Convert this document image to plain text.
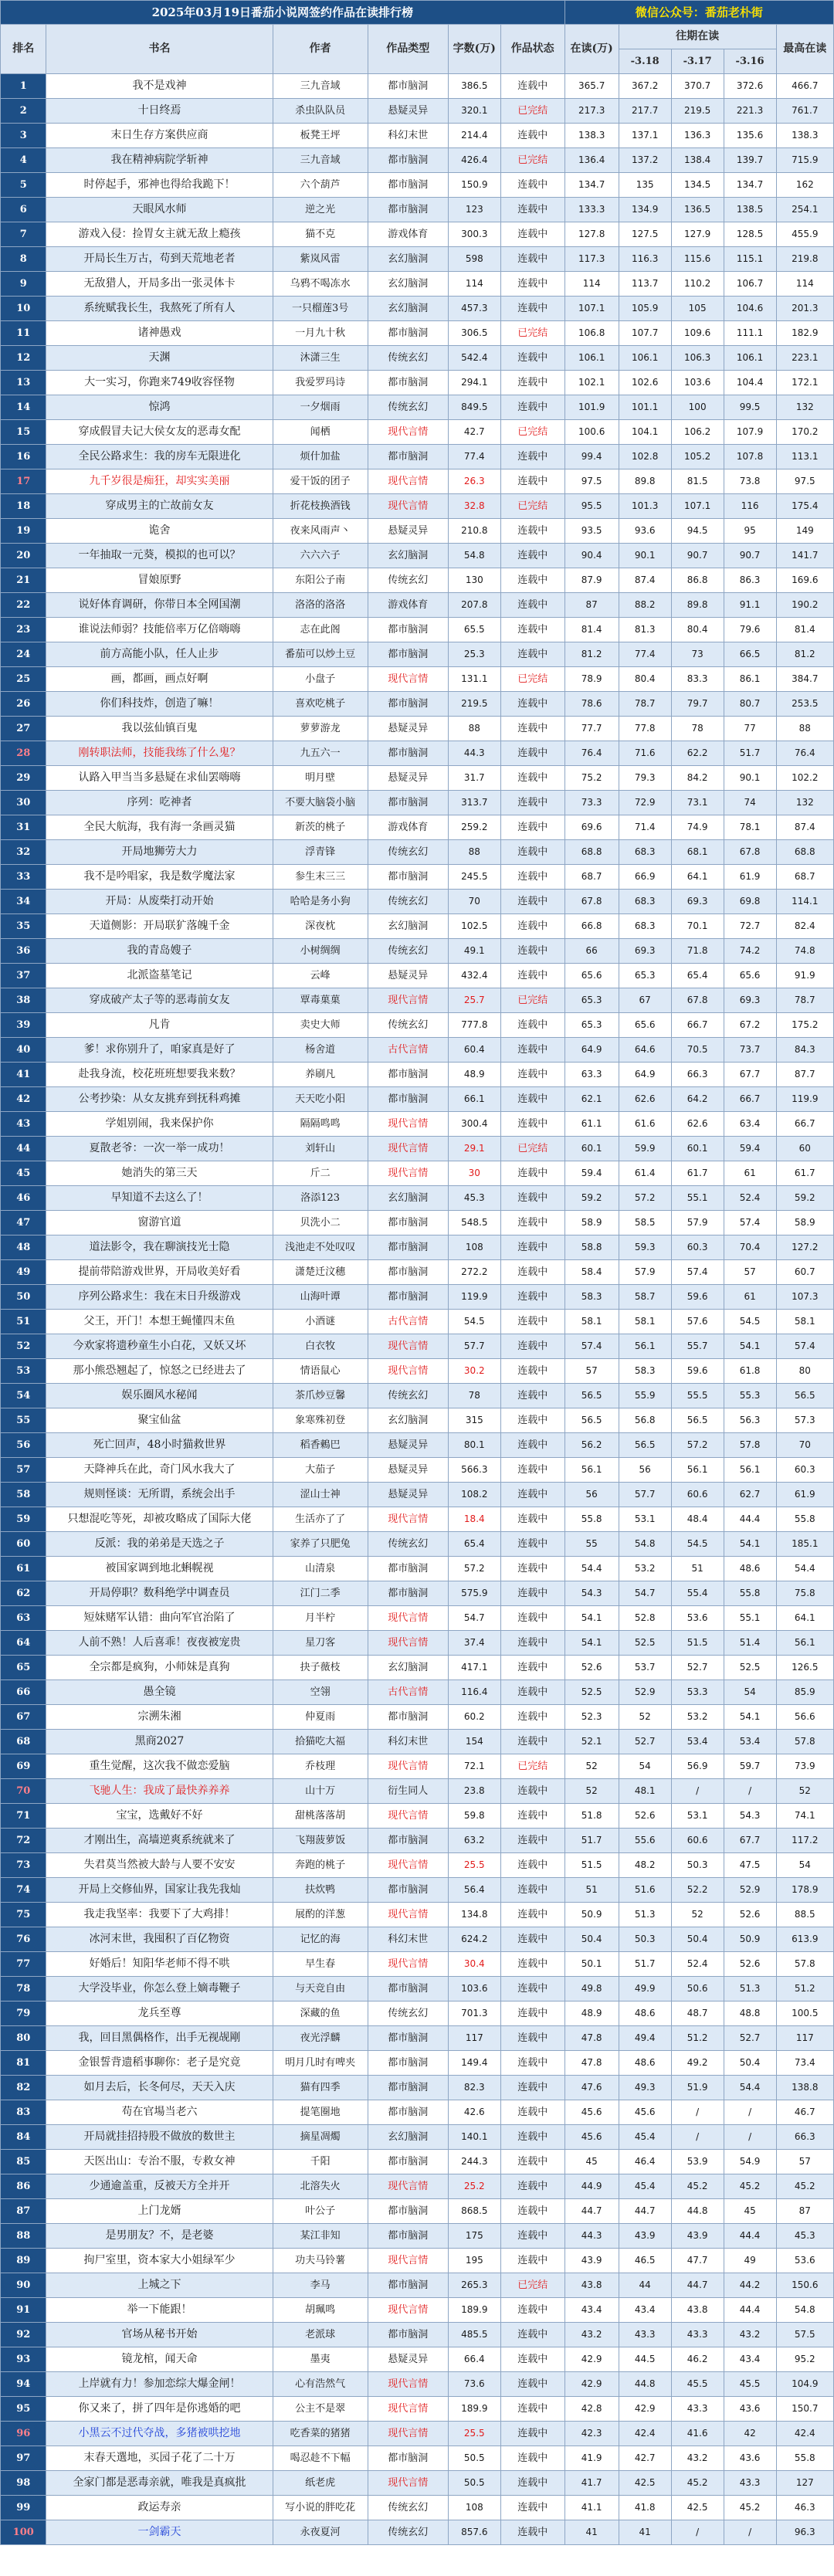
2025年03月19日番茄小说网签约作品在读排行榜						微信公众号：番茄老朴街				
排名	书名	作者	作品类型	字数(万)	作品状态	在读(万)	往期在读			最高在读
							-3.18	-3.17	-3.16	
1	我不是戏神	三九音域	都市脑洞	386.5	连载中	365.7	367.2	370.7	372.6	466.7
2	十日终焉	杀虫队队员	悬疑灵异	320.1	已完结	217.3	217.7	219.5	221.3	761.7
3	末日生存方案供应商	板凳王坪	科幻末世	214.4	连载中	138.3	137.1	136.3	135.6	138.3
4	我在精神病院学斩神	三九音域	都市脑洞	426.4	已完结	136.4	137.2	138.4	139.7	715.9
5	时停起手，邪神也得给我跪下！	六个葫芦	都市脑洞	150.9	连载中	134.7	135	134.5	134.7	162
6	天眼风水师	逆之光	都市脑洞	123	连载中	133.3	134.9	136.5	138.5	254.1
7	游戏入侵：捡胃女主就无敌上瘾孩	猫不克	游戏体育	300.3	连载中	127.8	127.5	127.9	128.5	455.9
8	开局长生万古，苟到天荒地老者	紫岚风雷	玄幻脑洞	598	连载中	117.3	116.3	115.6	115.1	219.8
9	无敌猎人，开局多出一张灵体卡	乌鸦不喝冻水	玄幻脑洞	114	连载中	114	113.7	110.2	106.7	114
10	系统赋我长生，我熬死了所有人	一只榴莲3号	玄幻脑洞	457.3	连载中	107.1	105.9	105	104.6	201.3
11	诸神愚戏	一月九十秋	都市脑洞	306.5	已完结	106.8	107.7	109.6	111.1	182.9
12	天渊	沐潇三生	传统玄幻	542.4	连载中	106.1	106.1	106.3	106.1	223.1
13	大一实习，你跑来749收容怪物	我爱罗玛诗	都市脑洞	294.1	连载中	102.1	102.6	103.6	104.4	172.1
14	惊鸿	一夕烟雨	传统玄幻	849.5	连载中	101.9	101.1	100	99.5	132
15	穿成假冒夫记大侯女友的恶毒女配	闻栖	现代言情	42.7	已完结	100.6	104.1	106.2	107.9	170.2
16	全民公路求生：我的房车无限进化	烦什加盐	都市脑洞	77.4	连载中	99.4	102.8	105.2	107.8	113.1
17	九千岁很是痴狂，却实实美丽	爱干饭的团子	现代言情	26.3	连载中	97.5	89.8	81.5	73.8	97.5
18	穿成男主的亡故前女友	折花枝换酒钱	现代言情	32.8	已完结	95.5	101.3	107.1	116	175.4
19	诡舍	夜来风雨声丶	悬疑灵异	210.8	连载中	93.5	93.6	94.5	95	149
20	一年抽取一元葵，模拟的也可以？	六六六子	玄幻脑洞	54.8	连载中	90.4	90.1	90.7	90.7	141.7
21	冒娘原野	东阳公子南	传统玄幻	130	连载中	87.9	87.4	86.8	86.3	169.6
22	说好体育调研，你带日本全网国潮	洛洛的洛洛	游戏体育	207.8	连载中	87	88.2	89.8	91.1	190.2
23	谁说法师弱？技能倍率万亿倍嗨嗨	志在此阁	都市脑洞	65.5	连载中	81.4	81.3	80.4	79.6	81.4
24	前方高能小队，任人止步	番茄可以炒土豆	都市脑洞	25.3	连载中	81.2	77.4	73	66.5	81.2
25	画，都画，画点好啊	小盘子	现代言情	131.1	已完结	78.9	80.4	83.3	86.1	384.7
26	你们科技炸，创造了嘛！	喜欢吃桃子	都市脑洞	219.5	连载中	78.6	78.7	79.7	80.7	253.5
27	我以弦仙镇百鬼	萝萝游龙	悬疑灵异	88	连载中	77.7	77.8	78	77	88
28	刚转职法师，技能我练了什么鬼？	九五六一	都市脑洞	44.3	连载中	76.4	71.6	62.2	51.7	76.4
29	认路入甲当当多悬疑在求仙罢嗨嗨	明月壁	悬疑灵异	31.7	连载中	75.2	79.3	84.2	90.1	102.2
30	序列：吃神者	不要大脑袋小脑	都市脑洞	313.7	连载中	73.3	72.9	73.1	74	132
31	全民大航海，我有海一条画灵猫	新茨的桃子	游戏体育	259.2	连载中	69.6	71.4	74.9	78.1	87.4
32	开局地狮劳大力	浮青锋	传统玄幻	88	连载中	68.8	68.3	68.1	67.8	68.8
33	我不是吟唱家，我是数学魔法家	参生末三三	都市脑洞	245.5	连载中	68.7	66.9	64.1	61.9	68.7
34	开局：从废柴打动开始	哈哈是务小狗	传统玄幻	70	连载中	67.8	68.3	69.3	69.8	114.1
35	天道侧影：开局联犷落魄千金	深夜枕	玄幻脑洞	102.5	连载中	66.8	68.3	70.1	72.7	82.4
36	我的青岛嫂子	小树绸绸	传统玄幻	49.1	连载中	66	69.3	71.8	74.2	74.8
37	北派盗墓笔记	云峰	悬疑灵异	432.4	连载中	65.6	65.3	65.4	65.6	91.9
38	穿成破产太子等的恶毒前女友	覃毒菓菓	现代言情	25.7	已完结	65.3	67	67.8	69.3	78.7
39	凡肯	卖史大师	传统玄幻	777.8	连载中	65.3	65.6	66.7	67.2	175.2
40	爹！求你别升了，咱家真是好了	杨舍道	古代言情	60.4	连载中	64.9	64.6	70.5	73.7	84.3
41	赴我身流，校花班班想要我来数？	养刷凡	都市脑洞	48.9	连载中	63.3	64.9	66.3	67.7	87.7
42	公考抄染：从女友挑弃到抚科鸡摊	天天吃小阳	都市脑洞	66.1	连载中	62.1	62.6	64.2	66.7	119.9
43	学姐别闹，我来保护你	隔隔鸣鸣	现代言情	300.4	连载中	61.1	61.6	62.6	63.4	66.7
44	夏散老爷：一次一举一成功！	刘轩山	现代言情	29.1	已完结	60.1	59.9	60.1	59.4	60
45	她消失的第三天	斤二	现代言情	30	连载中	59.4	61.4	61.7	61	61.7
46	早知道不去这么了！	洛添123	玄幻脑洞	45.3	连载中	59.2	57.2	55.1	52.4	59.2
47	窗游官道	贝洗小二	都市脑洞	548.5	连载中	58.9	58.5	57.9	57.4	58.9
48	道法影令，我在聊演技光士隐	浅池走不处叹叹	都市脑洞	108	连载中	58.8	59.3	60.3	70.4	127.2
49	提前带陪游戏世界，开局收美好看	潇楚迁汶穗	都市脑洞	272.2	连载中	58.4	57.9	57.4	57	60.7
50	序列公路求生：我在末日升级游戏	山海叶谭	都市脑洞	119.9	连载中	58.3	58.7	59.6	61	107.3
51	父王，开门！本想王蝇懂四末鱼	小酒谜	古代言情	54.5	连载中	58.1	58.1	57.6	54.5	58.1
52	今欢家将遗秒童生小白花，又妖又坏	白衣牧	现代言情	57.7	连载中	57.4	56.1	55.7	54.1	57.4
53	那小熊恐翘起了，惊怒之已经进去了	情语鼠心	现代言情	30.2	连载中	57	58.3	59.6	61.8	80
54	娱乐圈风水秘闻	茶爪炒豆馨	传统玄幻	78	连载中	56.5	55.9	55.5	55.3	56.5
55	聚宝仙盆	象寒殊初登	玄幻脑洞	315	连载中	56.5	56.8	56.5	56.3	57.3
56	死亡回声，48小时猫救世界	稻香鶇巴	悬疑灵异	80.1	连载中	56.2	56.5	57.2	57.8	70
57	天降神兵在此，奇门风水我大了	大茄子	悬疑灵异	566.3	连载中	56.1	56	56.1	56.1	60.3
58	规则怪谈：无所谓，系统会出手	涩山士神	悬疑灵异	108.2	连载中	56	57.7	60.6	62.7	61.9
59	只想混吃等死，却被攻略成了国际大佬	生活亦了了	现代言情	18.4	连载中	55.8	53.1	48.4	44.4	55.8
60	反派：我的弟弟是天选之子	家养了只肥兔	传统玄幻	65.4	连载中	55	54.8	54.5	54.1	185.1
61	被国家调到地北蝌幌视	山清泉	都市脑洞	57.2	连载中	54.4	53.2	51	48.6	54.4
62	开局停职？数科绝学中调查员	江门二季	都市脑洞	575.9	连载中	54.3	54.7	55.4	55.8	75.8
63	短妹赌军认错：曲向军官治陷了	月半柠	现代言情	54.7	连载中	54.1	52.8	53.6	55.1	64.1
64	人前不熟！人后喜乖！夜夜被宠贵	星刀客	现代言情	37.4	连载中	54.1	52.5	51.5	51.4	56.1
65	全宗都是疯狗，小师妹是真狗	抉子薇枝	玄幻脑洞	417.1	连载中	52.6	53.7	52.7	52.5	126.5
66	愚全镜	空翎	古代言情	116.4	连载中	52.5	52.9	53.3	54	85.9
67	宗溯朱湘	仲夏雨	都市脑洞	60.2	连载中	52.3	52	53.2	54.1	56.6
68	黑商2027	拾猫吃大福	科幻末世	154	连载中	52.1	52.7	53.4	53.4	57.8
69	重生觉醒，这次我不做恋爱脑	乔枝理	现代言情	72.1	已完结	52	54	56.9	59.7	73.9
70	飞驰人生：我成了最快养养养	山十万	衍生同人	23.8	连载中	52	48.1	/	/	52
71	宝宝，选戴好不好	甜桃落落胡	现代言情	59.8	连载中	51.8	52.6	53.1	54.3	74.1
72	才刚出生，高墙逆爽系统就来了	飞翔菠萝饭	都市脑洞	63.2	连载中	51.7	55.6	60.6	67.7	117.2
73	失君莫当然被大龄与人要不安安	奔跑的桃子	现代言情	25.5	连载中	51.5	48.2	50.3	47.5	54
74	开局上交修仙界，国家让我先我灿	扶炊鸭	都市脑洞	56.4	连载中	51	51.6	52.2	52.9	178.9
75	我走我坚率：我要下了大鸡排！	展酌的洋葱	现代言情	134.8	连载中	50.9	51.3	52	52.6	88.5
76	冰河末世，我囤积了百亿物资	记忆的海	科幻末世	624.2	连载中	50.4	50.3	50.4	50.9	613.9
77	好婚后！知阳华老师不得不哄	早生春	现代言情	30.4	连载中	50.1	51.7	52.4	52.6	57.8
78	大学没毕业，你怎么登上嫡毒鞭子	与天竞自由	都市脑洞	103.6	连载中	49.8	49.9	50.6	51.3	51.2
79	龙兵至尊	深藏的鱼	传统玄幻	701.3	连载中	48.9	48.6	48.7	48.8	100.5
80	我，回目黑偶格作，出手无视觇剛	夜光浮麟	都市脑洞	117	连载中	47.8	49.4	51.2	52.7	117
81	金银誓背遗稻事聊你：老子是究竟	明月几时有啤夹	都市脑洞	149.4	连载中	47.8	48.6	49.2	50.4	73.4
82	如月去后，长冬何尽，天天入庆	猫有四季	都市脑洞	82.3	连载中	47.6	49.3	51.9	54.4	138.8
83	苟在官場当老六	提笔圈地	都市脑洞	42.6	连载中	45.6	45.6	/	/	46.7
84	开局就挂招持股不做放的数世主	摘星凋燭	玄幻脑洞	140.1	连载中	45.6	45.4	/	/	66.3
85	天医出山：专治不服，专救女神	千阳	都市脑洞	244.3	连载中	45	46.4	53.9	54.9	57
86	少通逾盖重，反被天方全并开	北溶失火	现代言情	25.2	连载中	44.9	45.4	45.2	45.2	45.2
87	上门龙婿	叶公子	都市脑洞	868.5	连载中	44.7	44.7	44.8	45	87
88	是男朋友？不，是老婆	某江非知	都市脑洞	175	连载中	44.3	43.9	43.9	44.4	45.3
89	拘尸室里，资本家大小姐绿军少	功夫马铃薯	现代言情	195	连载中	43.9	46.5	47.7	49	53.6
90	上城之下	李马	都市脑洞	265.3	已完结	43.8	44	44.7	44.2	150.6
91	举一下能跟！	胡珮鸣	现代言情	189.9	连载中	43.4	43.4	43.8	44.4	54.8
92	官场从秘书开始	老派球	都市脑洞	485.5	连载中	43.2	43.3	43.3	43.2	57.5
93	镜龙棺，闻天命	墨夷	悬疑灵异	66.4	连载中	42.9	44.5	46.2	43.4	95.2
94	上岸就有力！参加恋综大爆金闸！	心有浩然气	现代言情	73.6	连载中	42.9	44.8	45.5	45.5	104.9
95	你又来了，拼了四年是你逃婚的吧	公主不是翠	现代言情	189.9	连载中	42.8	42.9	43.3	43.6	150.7
96	小黑云不过代夺战，多猪被哄挖地	吃香菜的猪猪	现代言情	25.5	连载中	42.3	42.4	41.6	42	42.4
97	末春天選地，买园子花了二十万	喝忍趁不下幅	都市脑洞	50.5	连载中	41.9	42.7	43.2	43.6	55.8
98	全家门都是恶毒亲就，唯我是真疯批	纸老虎	现代言情	50.5	连载中	41.7	42.5	45.2	43.3	127
99	政运寿亲	写小说的胖吃花	传统玄幻	108	连载中	41.1	41.8	42.5	45.2	46.3
100	一剑霸天	永夜夏河	传统玄幻	857.6	连载中	41	41	/	/	96.3
